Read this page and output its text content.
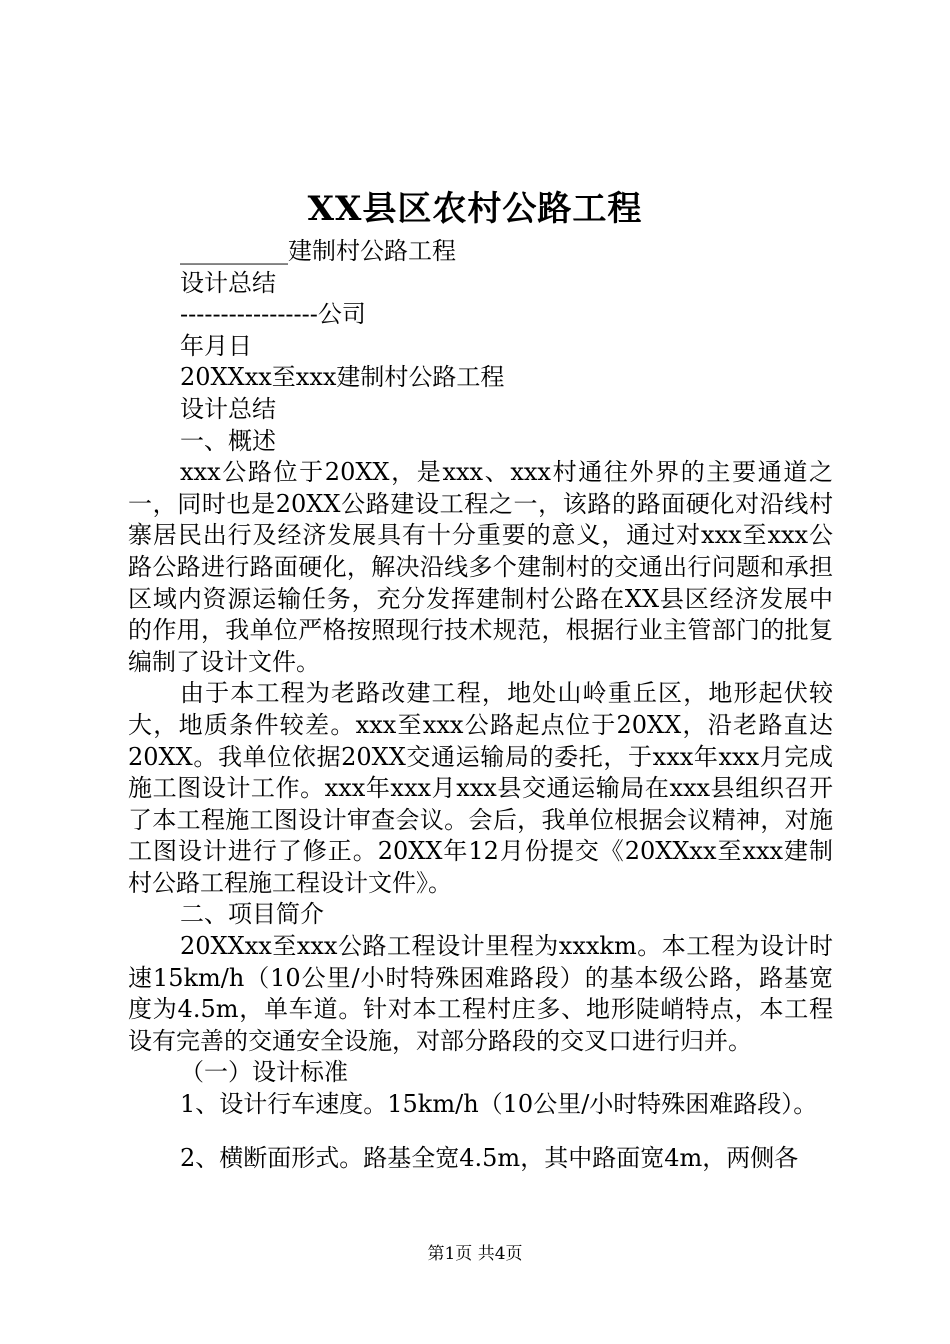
XX县区农村公路工程
_________建制村公路工程
设计总结
-----------------公司
年月日
20XXxx至xxx建制村公路工程
设计总结
一、概述

xxx公路位于20XX，是xxx、xxx村通往外界的主要通道之一，同时也是20XX公路建设工程之一，该路的路面硬化对沿线村寨居民出行及经济发展具有十分重要的意义，通过对xxx至xxx公路公路进行路面硬化，解决沿线多个建制村的交通出行问题和承担区域内资源运输任务，充分发挥建制村公路在XX县区经济发展中的作用，我单位严格按照现行技术规范，根据行业主管部门的批复编制了设计文件。

由于本工程为老路改建工程，地处山岭重丘区，地形起伏较大，地质条件较差。xxx至xxx公路起点位于20XX，沿老路直达20XX。我单位依据20XX交通运输局的委托，于xxx年xxx月完成施工图设计工作。xxx年xxx月xxx县交通运输局在xxx县组织召开了本工程施工图设计审查会议。会后，我单位根据会议精神，对施工图设计进行了修正。20XX年12月份提交《20XXxx至xxx建制村公路工程施工程设计文件》。

二、项目简介

20XXxx至xxx公路工程设计里程为xxxkm。本工程为设计时速15km/h（10公里/小时特殊困难路段）的基本级公路，路基宽度为4.5m，单车道。针对本工程村庄多、地形陡峭特点，本工程设有完善的交通安全设施，对部分路段的交叉口进行归并。

（一）设计标准
1、设计行车速度。15km/h（10公里/小时特殊困难路段）。
2、横断面形式。路基全宽4.5m，其中路面宽4m，两侧各
第1页 共4页
